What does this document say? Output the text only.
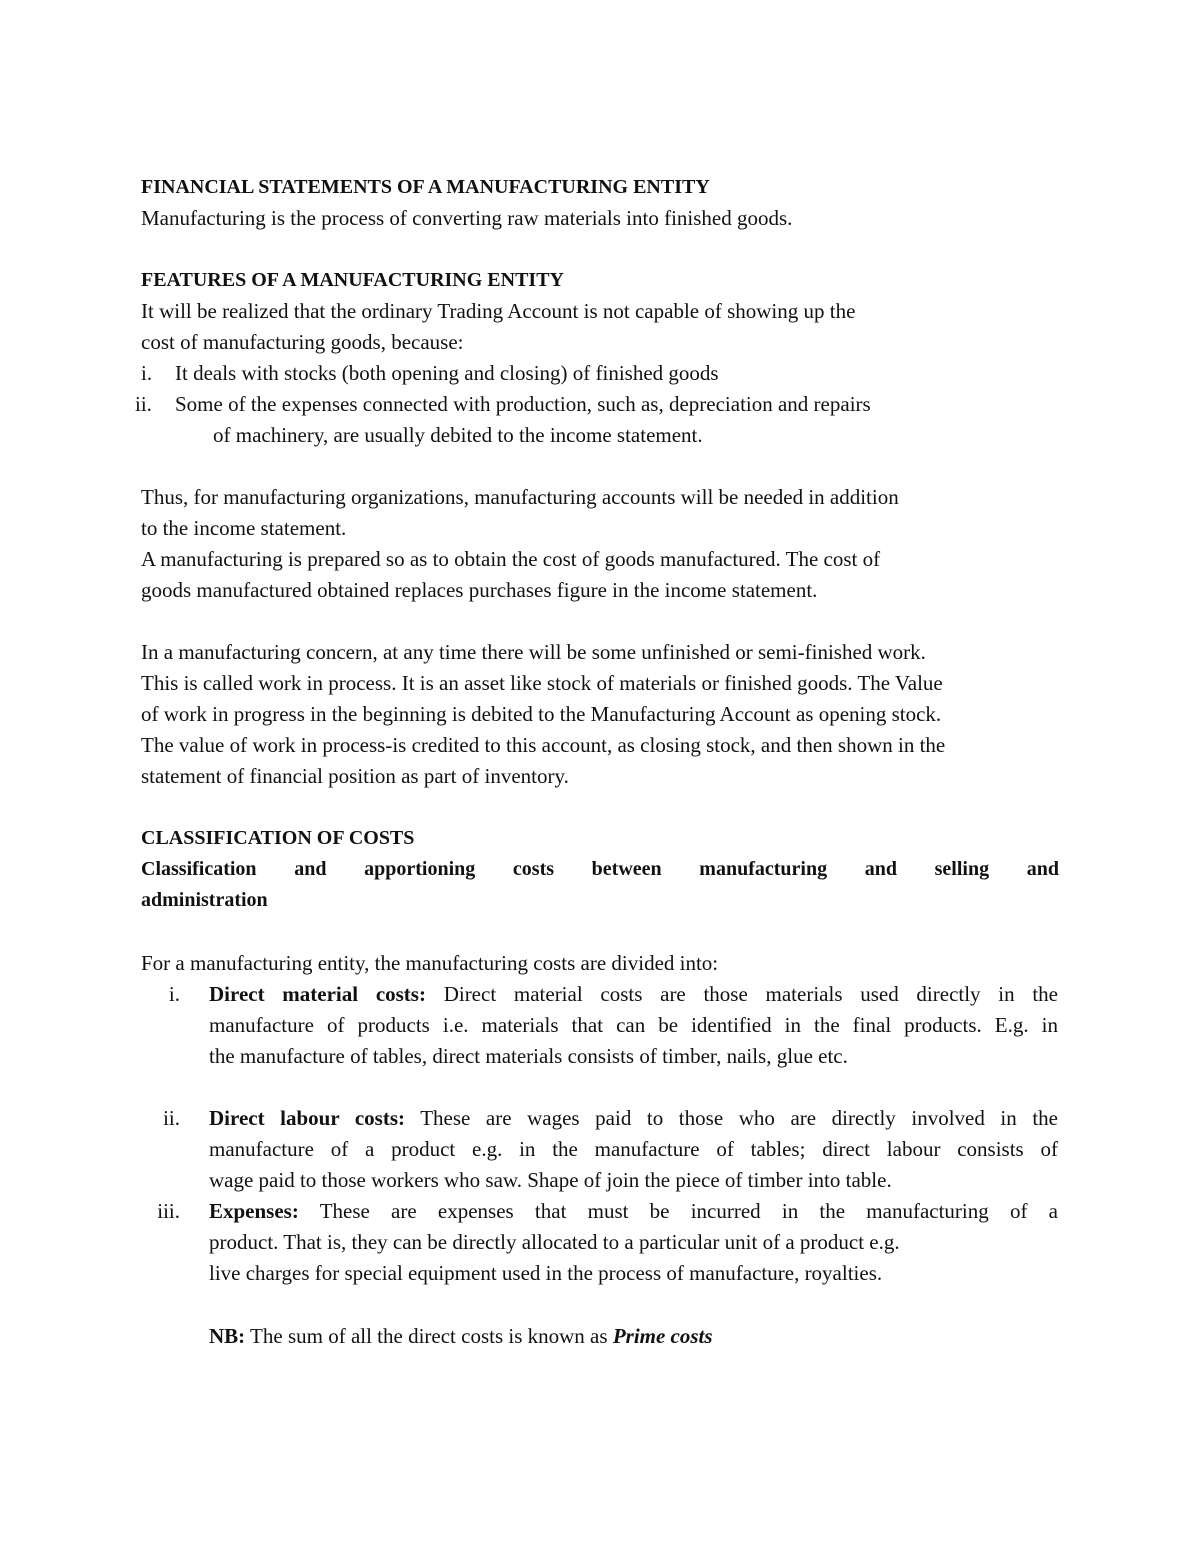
FINANCIAL STATEMENTS OF A MANUFACTURING ENTITY
Manufacturing is the process of converting raw materials into finished goods.
FEATURES OF A MANUFACTURING ENTITY
It will be realized that the ordinary Trading Account is not capable of showing up the
cost of manufacturing goods, because:
i. It deals with stocks (both opening and closing) of finished goods
ii. Some of the expenses connected with production, such as, depreciation and repairs
of machinery, are usually debited to the income statement.
Thus, for manufacturing organizations, manufacturing accounts will be needed in addition
to the income statement.
A manufacturing is prepared so as to obtain the cost of goods manufactured. The cost of
goods manufactured obtained replaces purchases figure in the income statement.
In a manufacturing concern, at any time there will be some unfinished or semi-finished work.
This is called work in process. It is an asset like stock of materials or finished goods. The Value
of work in progress in the beginning is debited to the Manufacturing Account as opening stock.
The value of work in process-is credited to this account, as closing stock, and then shown in the
statement of financial position as part of inventory.
CLASSIFICATION OF COSTS
Classification and apportioning costs between manufacturing and selling and
administration
For a manufacturing entity, the manufacturing costs are divided into:
i. Direct material costs: Direct material costs are those materials used directly in the

manufacture of products i.e. materials that can be identified in the final products. E.g. in

the manufacture of tables, direct materials consists of timber, nails, glue etc.

ii. Direct labour costs: These are wages paid to those who are directly involved in the

manufacture of a product e.g. in the manufacture of tables; direct labour consists of

wage paid to those workers who saw. Shape of join the piece of timber into table.

iii. Expenses: These are expenses that must be incurred in the manufacturing of a

product. That is, they can be directly allocated to a particular unit of a product e.g.

live charges for special equipment used in the process of manufacture, royalties.

NB: The sum of all the direct costs is known as Prime costs
